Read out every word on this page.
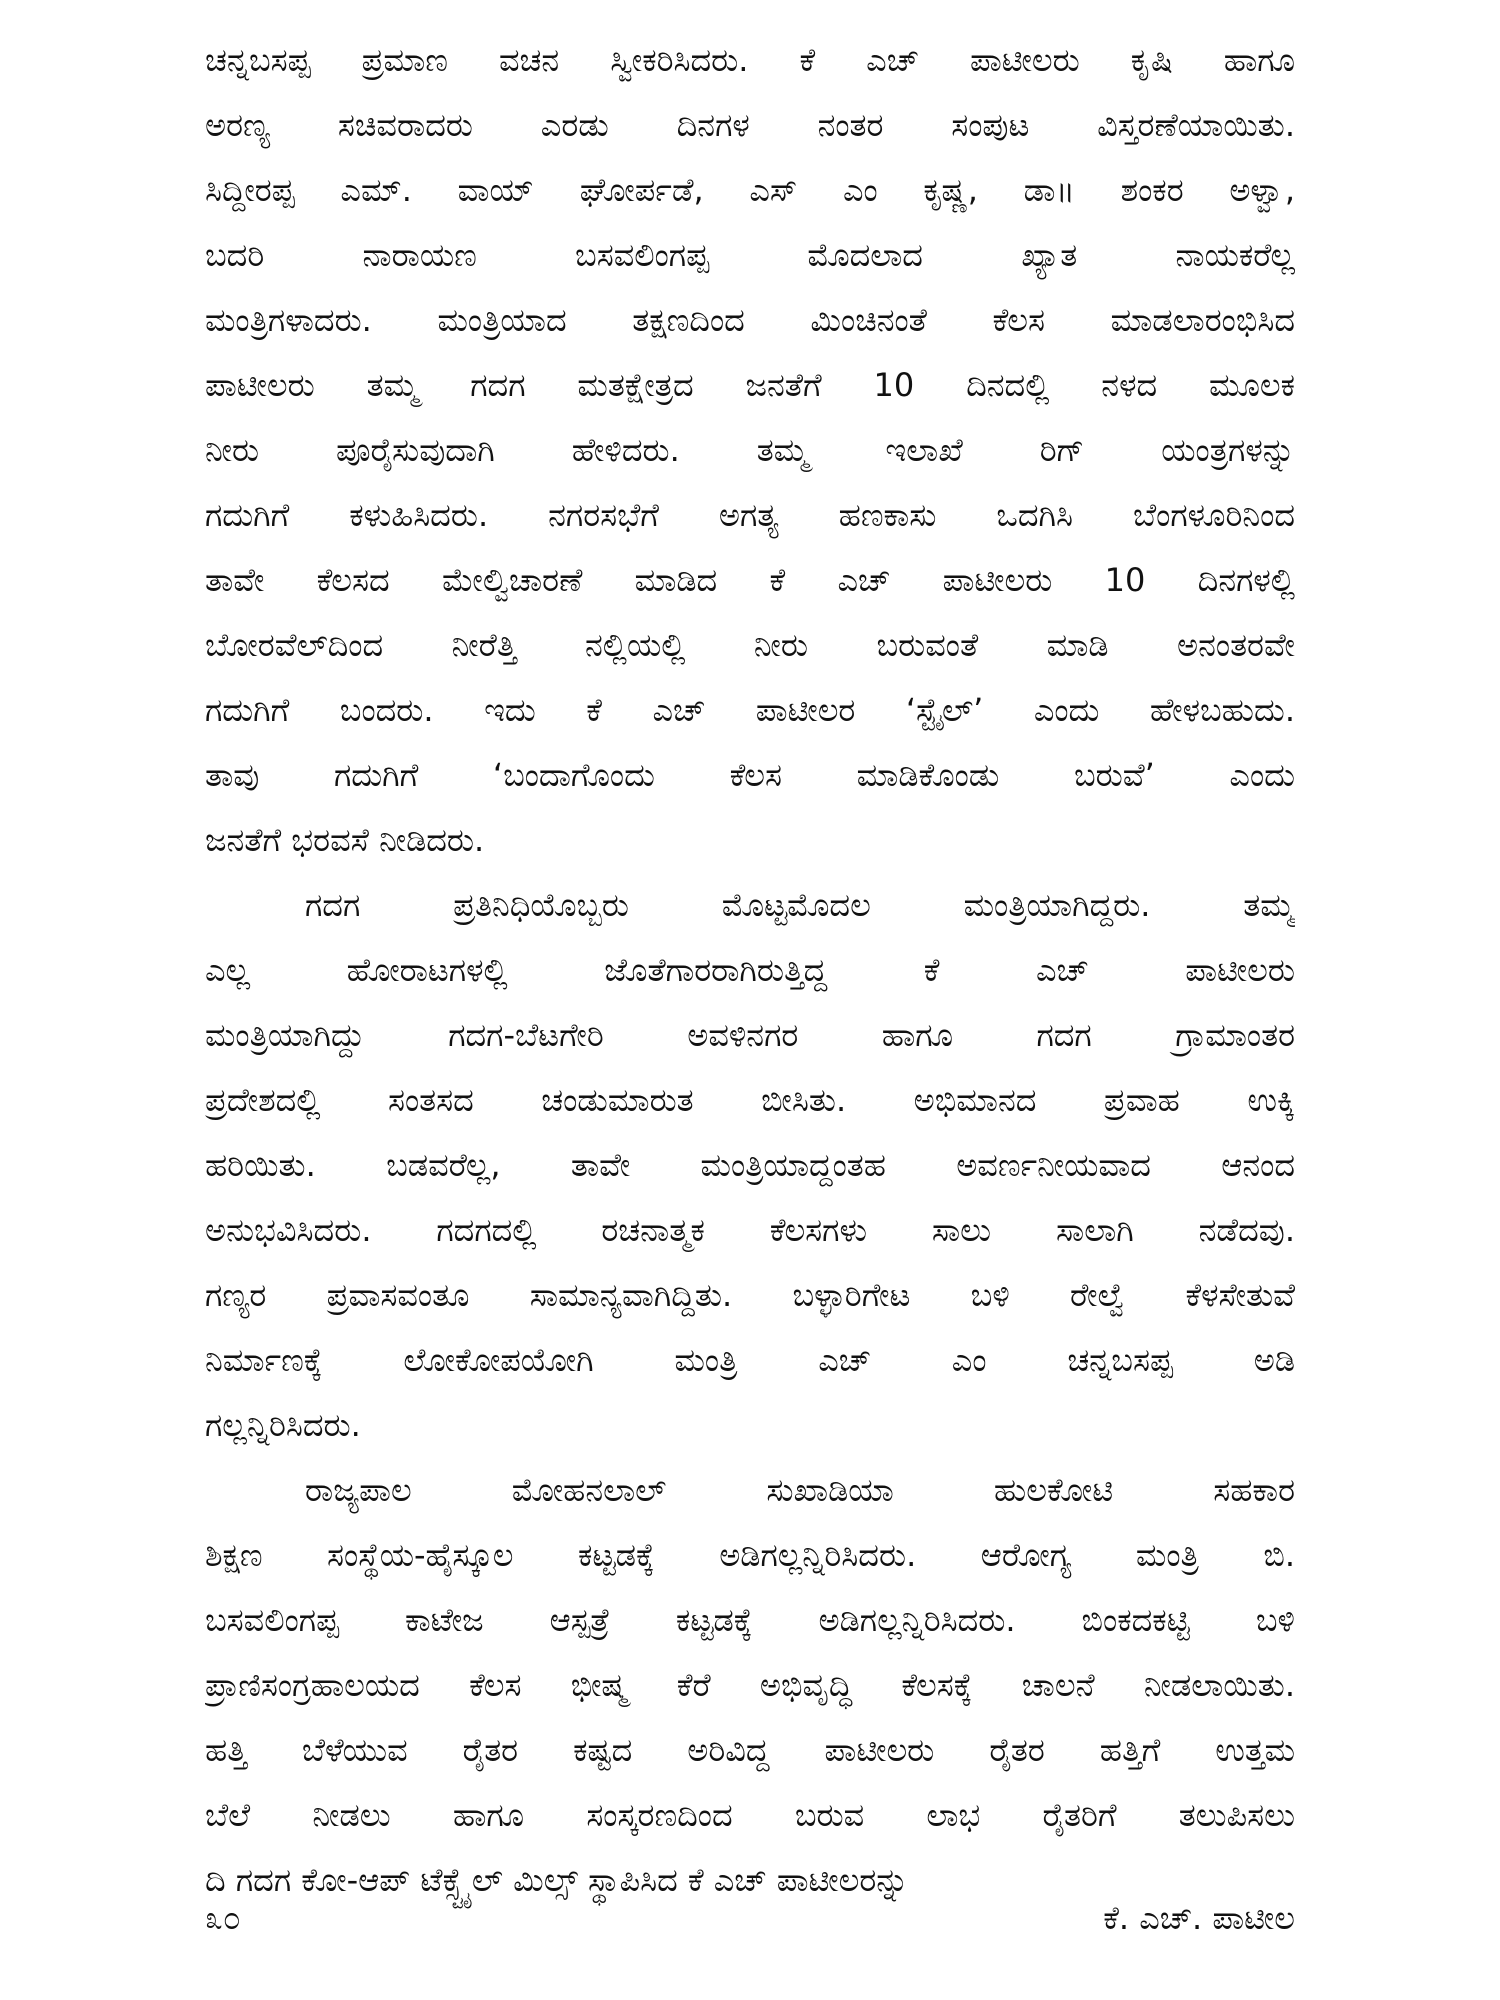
ಚನ್ನಬಸಪ್ಪ ಪ್ರಮಾಣ ವಚನ ಸ್ವೀಕರಿಸಿದರು. ಕೆ ಎಚ್ ಪಾಟೀಲರು ಕೃಷಿ ಹಾಗೂ
ಅರಣ್ಯ ಸಚಿವರಾದರು ಎರಡು ದಿನಗಳ ನಂತರ ಸಂಪುಟ ವಿಸ್ತರಣೆಯಾಯಿತು.
ಸಿದ್ದೀರಪ್ಪ ಎಮ್. ವಾಯ್ ಘೋರ್ಪಡೆ, ಎಸ್ ಎಂ ಕೃಷ್ಣ, ಡಾ॥ ಶಂಕರ ಅಳ್ವಾ,
ಬದರಿ ನಾರಾಯಣ ಬಸವಲಿಂಗಪ್ಪ ಮೊದಲಾದ ಖ್ಯಾತ ನಾಯಕರೆಲ್ಲ
ಮಂತ್ರಿಗಳಾದರು. ಮಂತ್ರಿಯಾದ ತಕ್ಷಣದಿಂದ ಮಿಂಚಿನಂತೆ ಕೆಲಸ ಮಾಡಲಾರಂಭಿಸಿದ
ಪಾಟೀಲರು ತಮ್ಮ ಗದಗ ಮತಕ್ಷೇತ್ರದ ಜನತೆಗೆ 10 ದಿನದಲ್ಲಿ ನಳದ ಮೂಲಕ
ನೀರು ಪೂರೈಸುವುದಾಗಿ ಹೇಳಿದರು. ತಮ್ಮ ಇಲಾಖೆ ರಿಗ್ ಯಂತ್ರಗಳನ್ನು
ಗದುಗಿಗೆ ಕಳುಹಿಸಿದರು. ನಗರಸಭೆಗೆ ಅಗತ್ಯ ಹಣಕಾಸು ಒದಗಿಸಿ ಬೆಂಗಳೂರಿನಿಂದ
ತಾವೇ ಕೆಲಸದ ಮೇಲ್ವಿಚಾರಣೆ ಮಾಡಿದ ಕೆ ಎಚ್ ಪಾಟೀಲರು 10 ದಿನಗಳಲ್ಲಿ
ಬೋರವೆಲ್‌ದಿಂದ ನೀರೆತ್ತಿ ನಲ್ಲಿಯಲ್ಲಿ ನೀರು ಬರುವಂತೆ ಮಾಡಿ ಅನಂತರವೇ
ಗದುಗಿಗೆ ಬಂದರು. ಇದು ಕೆ ಎಚ್ ಪಾಟೀಲರ ‘ಸ್ಟೈಲ್’ ಎಂದು ಹೇಳಬಹುದು.
ತಾವು ಗದುಗಿಗೆ ‘ಬಂದಾಗೊಂದು ಕೆಲಸ ಮಾಡಿಕೊಂಡು ಬರುವೆ’ ಎಂದು
ಜನತೆಗೆ ಭರವಸೆ ನೀಡಿದರು.
ಗದಗ ಪ್ರತಿನಿಧಿಯೊಬ್ಬರು ಮೊಟ್ಟಮೊದಲ ಮಂತ್ರಿಯಾಗಿದ್ದರು. ತಮ್ಮ
ಎಲ್ಲ ಹೋರಾಟಗಳಲ್ಲಿ ಜೊತೆಗಾರರಾಗಿರುತ್ತಿದ್ದ ಕೆ ಎಚ್ ಪಾಟೀಲರು
ಮಂತ್ರಿಯಾಗಿದ್ದು ಗದಗ-ಬೆಟಗೇರಿ ಅವಳಿನಗರ ಹಾಗೂ ಗದಗ ಗ್ರಾಮಾಂತರ
ಪ್ರದೇಶದಲ್ಲಿ ಸಂತಸದ ಚಂಡುಮಾರುತ ಬೀಸಿತು. ಅಭಿಮಾನದ ಪ್ರವಾಹ ಉಕ್ಕಿ
ಹರಿಯಿತು. ಬಡವರೆಲ್ಲ, ತಾವೇ ಮಂತ್ರಿಯಾದ್ದಂತಹ ಅವರ್ಣನೀಯವಾದ ಆನಂದ
ಅನುಭವಿಸಿದರು. ಗದಗದಲ್ಲಿ ರಚನಾತ್ಮಕ ಕೆಲಸಗಳು ಸಾಲು ಸಾಲಾಗಿ ನಡೆದವು.
ಗಣ್ಯರ ಪ್ರವಾಸವಂತೂ ಸಾಮಾನ್ಯವಾಗಿದ್ದಿತು. ಬಳ್ಳಾರಿಗೇಟ ಬಳಿ ರೇಲ್ವೆ ಕೆಳಸೇತುವೆ
ನಿರ್ಮಾಣಕ್ಕೆ ಲೋಕೋಪಯೋಗಿ ಮಂತ್ರಿ ಎಚ್ ಎಂ ಚನ್ನಬಸಪ್ಪ ಅಡಿ
ಗಲ್ಲನ್ನಿರಿಸಿದರು.
ರಾಜ್ಯಪಾಲ ಮೋಹನಲಾಲ್ ಸುಖಾಡಿಯಾ ಹುಲಕೋಟಿ ಸಹಕಾರ
ಶಿಕ್ಷಣ ಸಂಸ್ಥೆಯ-ಹೈಸ್ಕೂಲ ಕಟ್ಟಡಕ್ಕೆ ಅಡಿಗಲ್ಲನ್ನಿರಿಸಿದರು. ಆರೋಗ್ಯ ಮಂತ್ರಿ ಬಿ.
ಬಸವಲಿಂಗಪ್ಪ ಕಾಟೇಜ ಆಸ್ಪತ್ರೆ ಕಟ್ಟಡಕ್ಕೆ ಅಡಿಗಲ್ಲನ್ನಿರಿಸಿದರು. ಬಿಂಕದಕಟ್ಟಿ ಬಳಿ
ಪ್ರಾಣಿಸಂಗ್ರಹಾಲಯದ ಕೆಲಸ ಭೀಷ್ಮ ಕೆರೆ ಅಭಿವೃದ್ಧಿ ಕೆಲಸಕ್ಕೆ ಚಾಲನೆ ನೀಡಲಾಯಿತು.
ಹತ್ತಿ ಬೆಳೆಯುವ ರೈತರ ಕಷ್ಟದ ಅರಿವಿದ್ದ ಪಾಟೀಲರು ರೈತರ ಹತ್ತಿಗೆ ಉತ್ತಮ
ಬೆಲೆ ನೀಡಲು ಹಾಗೂ ಸಂಸ್ಕರಣದಿಂದ ಬರುವ ಲಾಭ ರೈತರಿಗೆ ತಲುಪಿಸಲು
ದಿ ಗದಗ ಕೋ-ಆಪ್ ಟೆಕ್ಸ್ಟೈಲ್ ಮಿಲ್ಸ್ ಸ್ಥಾಪಿಸಿದ ಕೆ ಎಚ್ ಪಾಟೀಲರನ್ನು
೩೦	ಕೆ. ಎಚ್. ಪಾಟೀಲ
